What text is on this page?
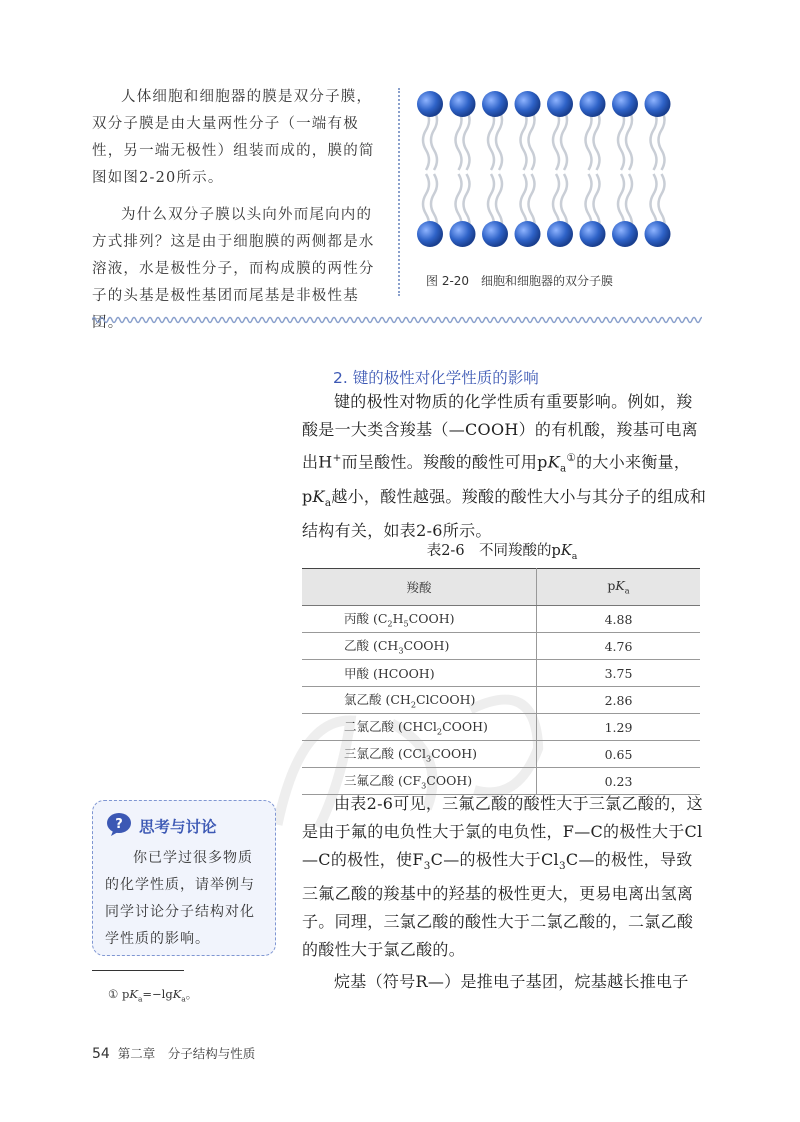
人体细胞和细胞器的膜是双分子膜，双分子膜是由大量两性分子（一端有极性，另一端无极性）组装而成的，膜的简图如图2-20所示。

为什么双分子膜以头向外而尾向内的方式排列？这是由于细胞膜的两侧都是水溶液，水是极性分子，而构成膜的两性分子的头基是极性基团而尾基是非极性基团。

图 2-20　细胞和细胞器的双分子膜
2. 键的极性对化学性质的影响

键的极性对物质的化学性质有重要影响。例如，羧酸是一大类含羧基（—COOH）的有机酸，羧基可电离出H+而呈酸性。羧酸的酸性可用$pK_a^①$的大小来衡量，$pK_a$越小，酸性越强。羧酸的酸性大小与其分子的组成和结构有关，如表2-6所示。

表2-6　不同羧酸的$pK_a$
羧酸	$pK_a$
丙酸 $(C_2H_5COOH)$	4.88
乙酸 $(CH_3COOH)$	4.76
甲酸 (HCOOH)	3.75
氯乙酸 $(CH_2ClCOOH)$	2.86
二氯乙酸 (CHCl$_2$COOH)	1.29
三氯乙酸 (CCl$_3$COOH)	0.65
三氟乙酸 $(CF_3COOH)$	0.23
? 思考与讨论

你已学过很多物质的化学性质，请举例与同学讨论分子结构对化学性质的影响。

由表2-6可见，三氟乙酸的酸性大于三氯乙酸的，这是由于氟的电负性大于氯的电负性，F—C的极性大于Cl—C的极性，使$F_3C—$的极性大于$Cl_3C—$的极性，导致三氟乙酸的羧基中的羟基的极性更大，更易电离出氢离子。同理，三氯乙酸的酸性大于二氯乙酸的，二氯乙酸的酸性大于氯乙酸的。

烷基（符号R—）是推电子基团，烷基越长推电子

① $pK_a=-\lg K_a$。
54 第二章　分子结构与性质
